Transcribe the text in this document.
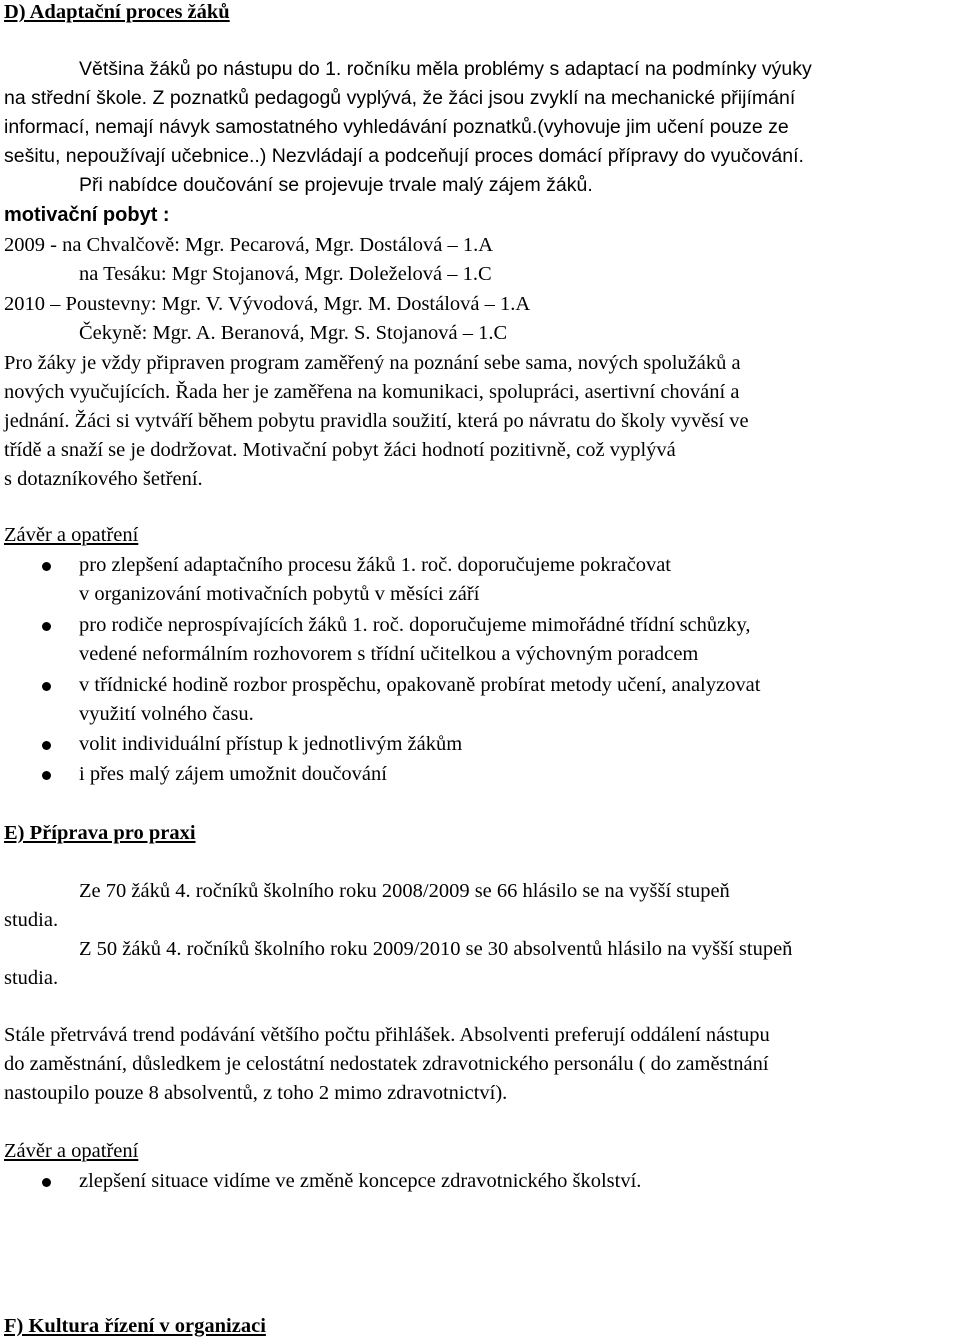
D) Adaptační proces žáků
Většina žáků po nástupu do 1. ročníku měla problémy s adaptací na podmínky výuky
na střední škole. Z poznatků pedagogů vyplývá, že žáci jsou zvyklí na mechanické přijímání
informací, nemají návyk samostatného vyhledávání poznatků.(vyhovuje jim učení pouze ze
sešitu, nepoužívají učebnice..) Nezvládají a podceňují proces domácí přípravy do vyučování.
Při nabídce doučování se projevuje trvale malý zájem žáků.
motivační pobyt :
2009 - na Chvalčově: Mgr. Pecarová, Mgr. Dostálová – 1.A
na Tesáku: Mgr Stojanová, Mgr. Doleželová – 1.C
2010 – Poustevny: Mgr. V. Vývodová, Mgr. M. Dostálová – 1.A
Čekyně: Mgr. A. Beranová, Mgr. S. Stojanová – 1.C
Pro žáky je vždy připraven program zaměřený na poznání sebe sama, nových spolužáků a
nových vyučujících. Řada her je zaměřena na komunikaci, spolupráci, asertivní chování a
jednání. Žáci si vytváří během pobytu pravidla soužití, která po návratu do školy vyvěsí ve
třídě a snaží se je dodržovat. Motivační pobyt žáci hodnotí pozitivně, což vyplývá
s dotazníkového šetření.
Závěr a opatření
pro zlepšení adaptačního procesu žáků 1. roč. doporučujeme pokračovat
v organizování motivačních pobytů v měsíci září
pro rodiče neprospívajících žáků 1. roč. doporučujeme mimořádné třídní schůzky,
vedené neformálním rozhovorem s třídní učitelkou a výchovným poradcem
v třídnické hodině rozbor prospěchu, opakovaně probírat metody učení, analyzovat
využití volného času.
volit individuální přístup k jednotlivým žákům
i přes malý zájem umožnit doučování
E) Příprava pro praxi
Ze 70 žáků 4. ročníků školního roku 2008/2009 se 66 hlásilo se na vyšší stupeň
studia.
Z 50 žáků 4. ročníků školního roku 2009/2010 se 30 absolventů hlásilo na vyšší stupeň
studia.
Stále přetrvává trend podávání většího počtu přihlášek. Absolventi preferují oddálení nástupu
do zaměstnání, důsledkem je celostátní nedostatek zdravotnického personálu ( do zaměstnání
nastoupilo pouze 8 absolventů, z toho 2 mimo zdravotnictví).
Závěr a opatření
zlepšení situace vidíme ve změně koncepce zdravotnického školství.
F) Kultura řízení v organizaci
